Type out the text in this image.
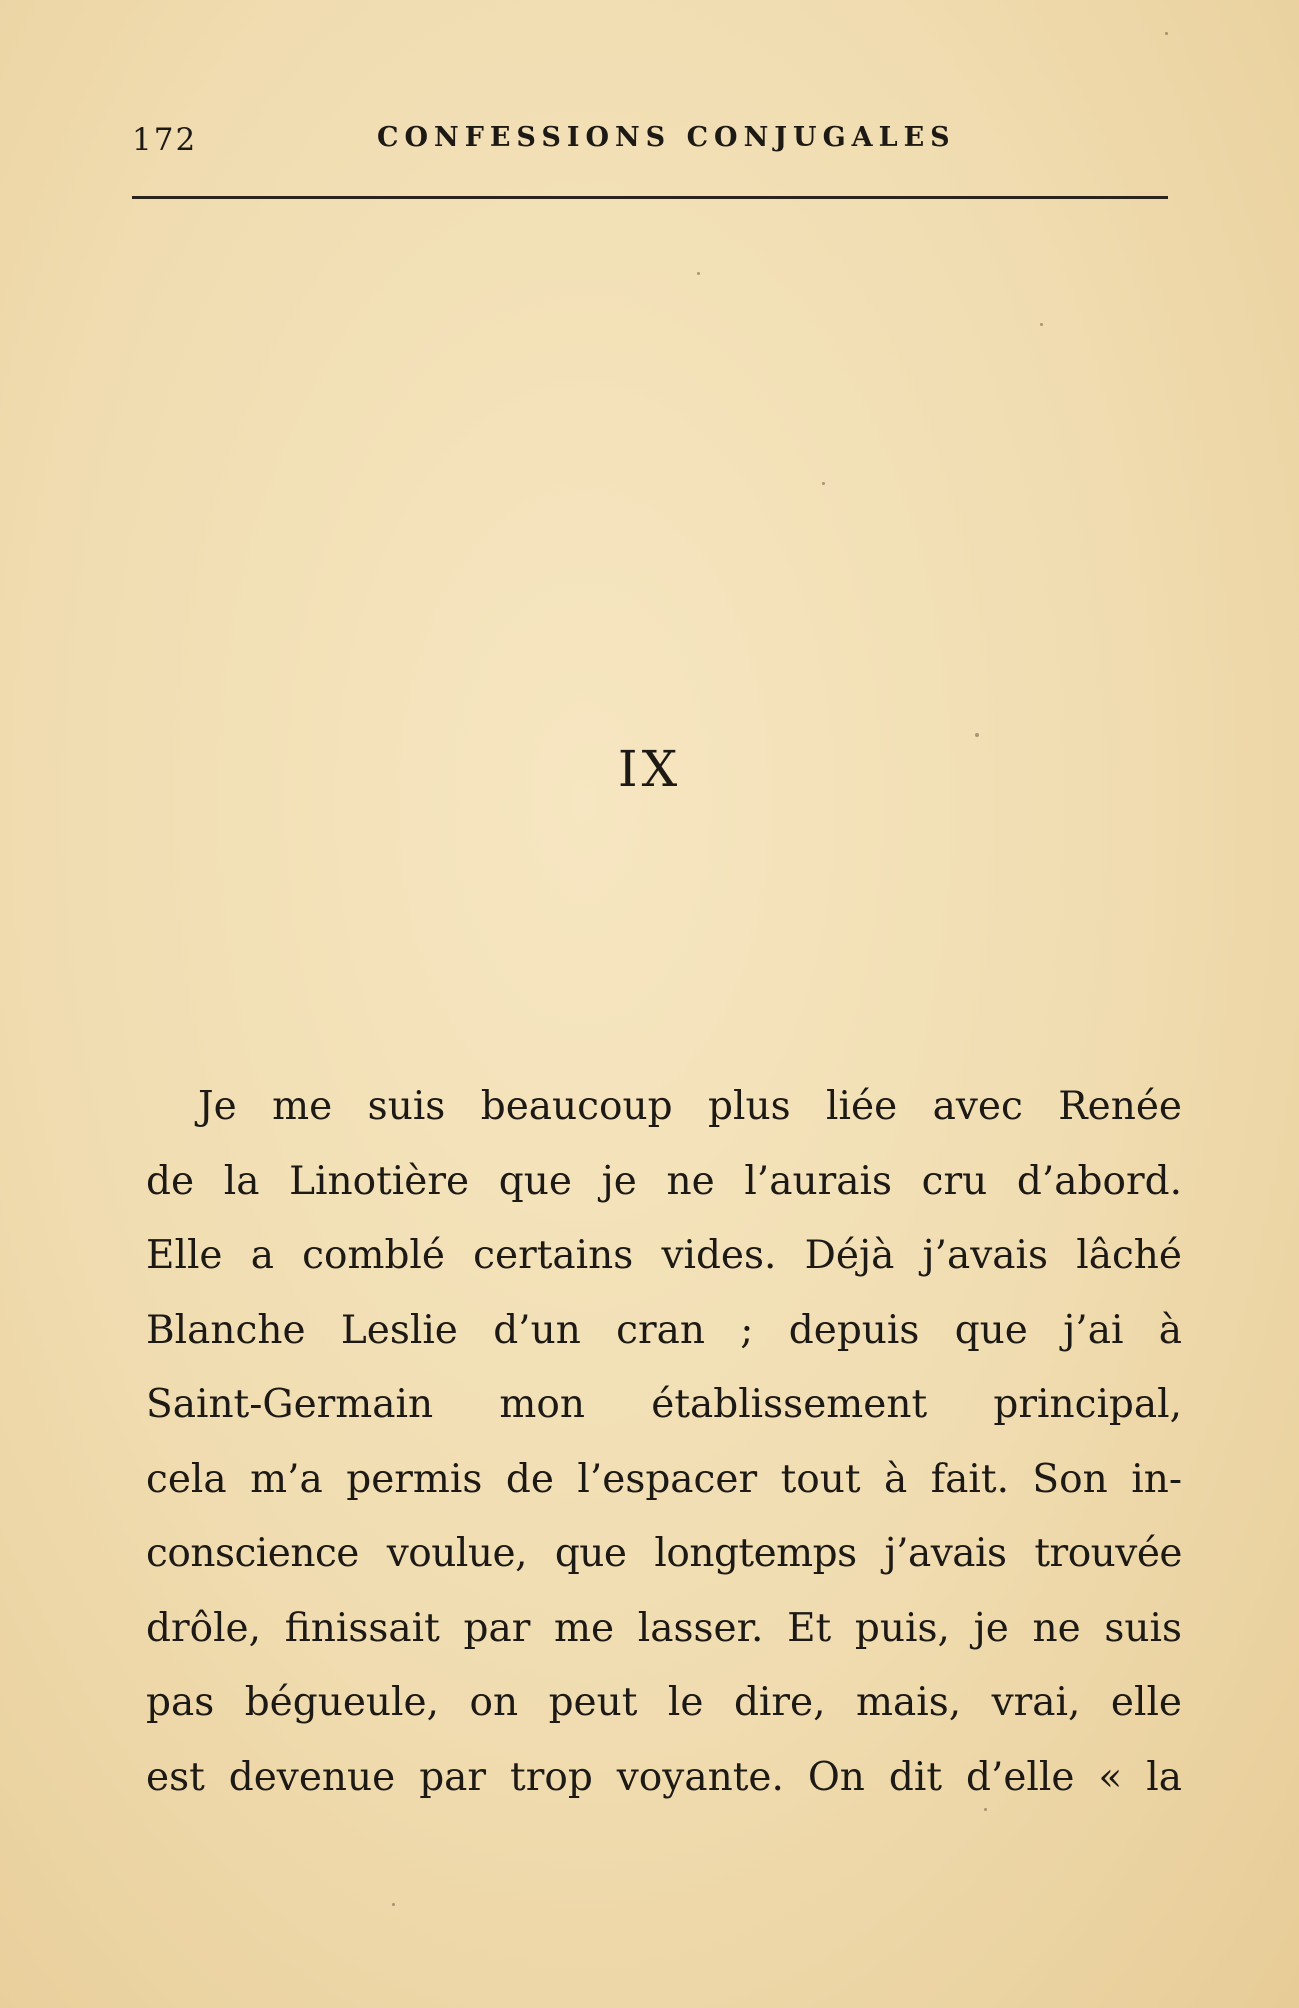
172	CONFESSIONS CONJUGALES
IX
Je me suis beaucoup plus liée avec Renée
de la Linotière que je ne l’aurais cru d’abord.
Elle a comblé certains vides. Déjà j’avais lâché
Blanche Leslie d’un cran ; depuis que j’ai à
Saint-Germain mon établissement principal,
cela m’a permis de l’espacer tout à fait. Son in-
conscience voulue, que longtemps j’avais trouvée
drôle, finissait par me lasser. Et puis, je ne suis
pas bégueule, on peut le dire, mais, vrai, elle
est devenue par trop voyante. On dit d’elle « la
